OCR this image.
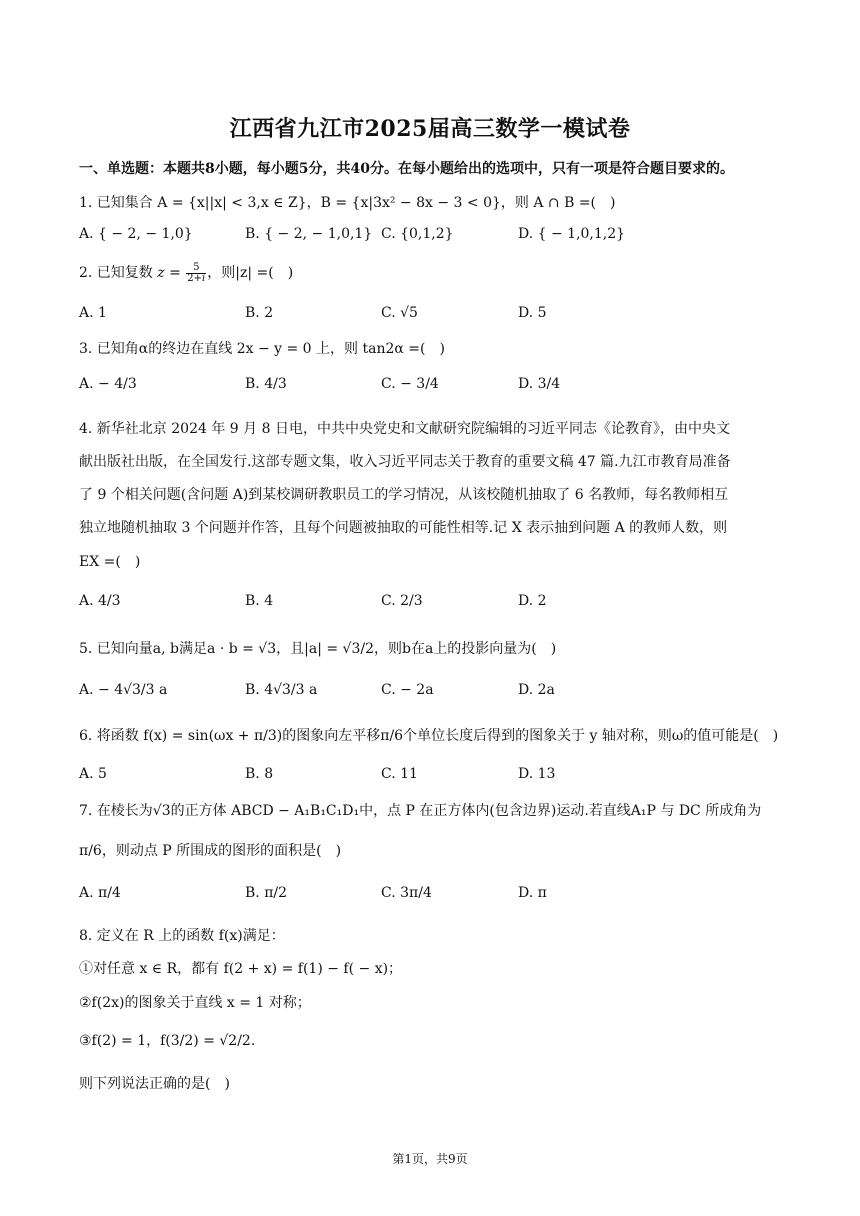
江西省九江市2025届高三数学一模试卷
一、单选题：本题共8小题，每小题5分，共40分。在每小题给出的选项中，只有一项是符合题目要求的。
1. 已知集合 A = {x||x| < 3,x ∈ Z}，B = {x|3x² − 8x − 3 < 0}，则 A ∩ B =(　)
A. { − 2, − 1,0}	B. { − 2, − 1,0,1} C. {0,1,2}	D. { − 1,0,1,2}
2. 已知复数 $z = \frac{5}{2+i}$ ，则|z| =(　)
A. 1	B. 2	C. √5	D. 5
3. 已知角α的终边在直线 2x − y = 0 上，则 tan2α =(　)
A. − 4/3	B. 4/3	C. − 3/4	D. 3/4
4. 新华社北京 2024 年 9 月 8 日电，中共中央党史和文献研究院编辑的习近平同志《论教育》，由中央文
献出版社出版，在全国发行.这部专题文集，收入习近平同志关于教育的重要文稿 47 篇.九江市教育局准备
了 9 个相关问题(含问题 A)到某校调研教职员工的学习情况，从该校随机抽取了 6 名教师，每名教师相互
独立地随机抽取 3 个问题并作答，且每个问题被抽取的可能性相等.记 X 表示抽到问题 A 的教师人数，则
EX =(　)
A. 4/3	B. 4	C. 2/3	D. 2
5. 已知向量a, b满足a · b = √3，且|a| = √3/2，则b在a上的投影向量为(　)
A. − 4√3/3 a	B. 4√3/3 a	C. − 2a	D. 2a
6. 将函数 f(x) = sin(ωx + π/3)的图象向左平移π/6个单位长度后得到的图象关于 y 轴对称，则ω的值可能是(　)
A. 5	B. 8	C. 11	D. 13
7. 在棱长为√3的正方体 ABCD − A₁B₁C₁D₁中，点 P 在正方体内(包含边界)运动.若直线A₁P 与 DC 所成角为
π/6，则动点 P 所围成的图形的面积是(　)
A. π/4	B. π/2	C. 3π/4	D. π
8. 定义在 R 上的函数 f(x)满足：
①对任意 x ∈ R，都有 f(2 + x) = f(1) − f( − x)；
②f(2x)的图象关于直线 x = 1 对称；
③f(2) = 1，f(3/2) = √2/2.
则下列说法正确的是(　)
第1页，共9页
